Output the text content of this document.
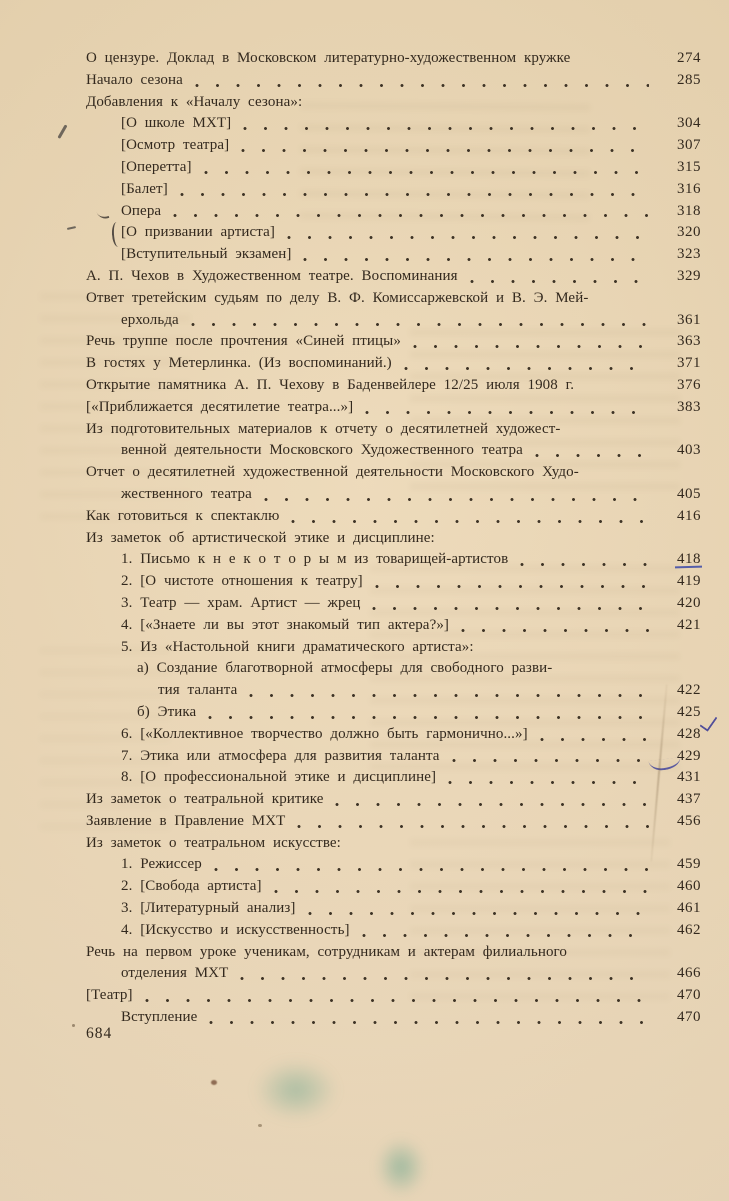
О цензуре. Доклад в Московском литературно-художественном кружке	274
Начало сезона	285
Добавления к «Началу сезона»:
[О школе МХТ]	304
[Осмотр театра]	307
[Оперетта]	315
[Балет]	316
Опера	318
[О призвании артиста]	320
[Вступительный экзамен]	323
А. П. Чехов в Художественном театре. Воспоминания	329
Ответ третейским судьям по делу В. Ф. Комиссаржевской и В. Э. Мей-
ерхольда	361
Речь труппе после прочтения «Синей птицы»	363
В гостях у Метерлинка. (Из воспоминаний.)	371
Открытие памятника А. П. Чехову в Баденвейлере 12/25 июля 1908 г.	376
[«Приближается десятилетие театра...»]	383
Из подготовительных материалов к отчету о десятилетней художест-
венной деятельности Московского Художественного театра	403
Отчет о десятилетней художественной деятельности Московского Худо-
жественного театра	405
Как готовиться к спектаклю	416
Из заметок об артистической этике и дисциплине:
1. Письмо к н е к о т о р ы м из товарищей-артистов	418
2. [О чистоте отношения к театру]	419
3. Театр — храм. Артист — жрец	420
4. [«Знаете ли вы этот знакомый тип актера?»]	421
5. Из «Настольной книги драматического артиста»:
а) Создание благотворной атмосферы для свободного разви-
тия таланта	422
б) Этика	425
6. [«Коллективное творчество должно быть гармонично...»]	428
7. Этика или атмосфера для развития таланта	429
8. [О профессиональной этике и дисциплине]	431
Из заметок о театральной критике	437
Заявление в Правление МХТ	456
Из заметок о театральном искусстве:
1. Режиссер	459
2. [Свобода артиста]	460
3. [Литературный анализ]	461
4. [Искусство и искусственность]	462
Речь на первом уроке ученикам, сотрудникам и актерам филиального
отделения МХТ	466
[Театр]	470
Вступление	470
684
